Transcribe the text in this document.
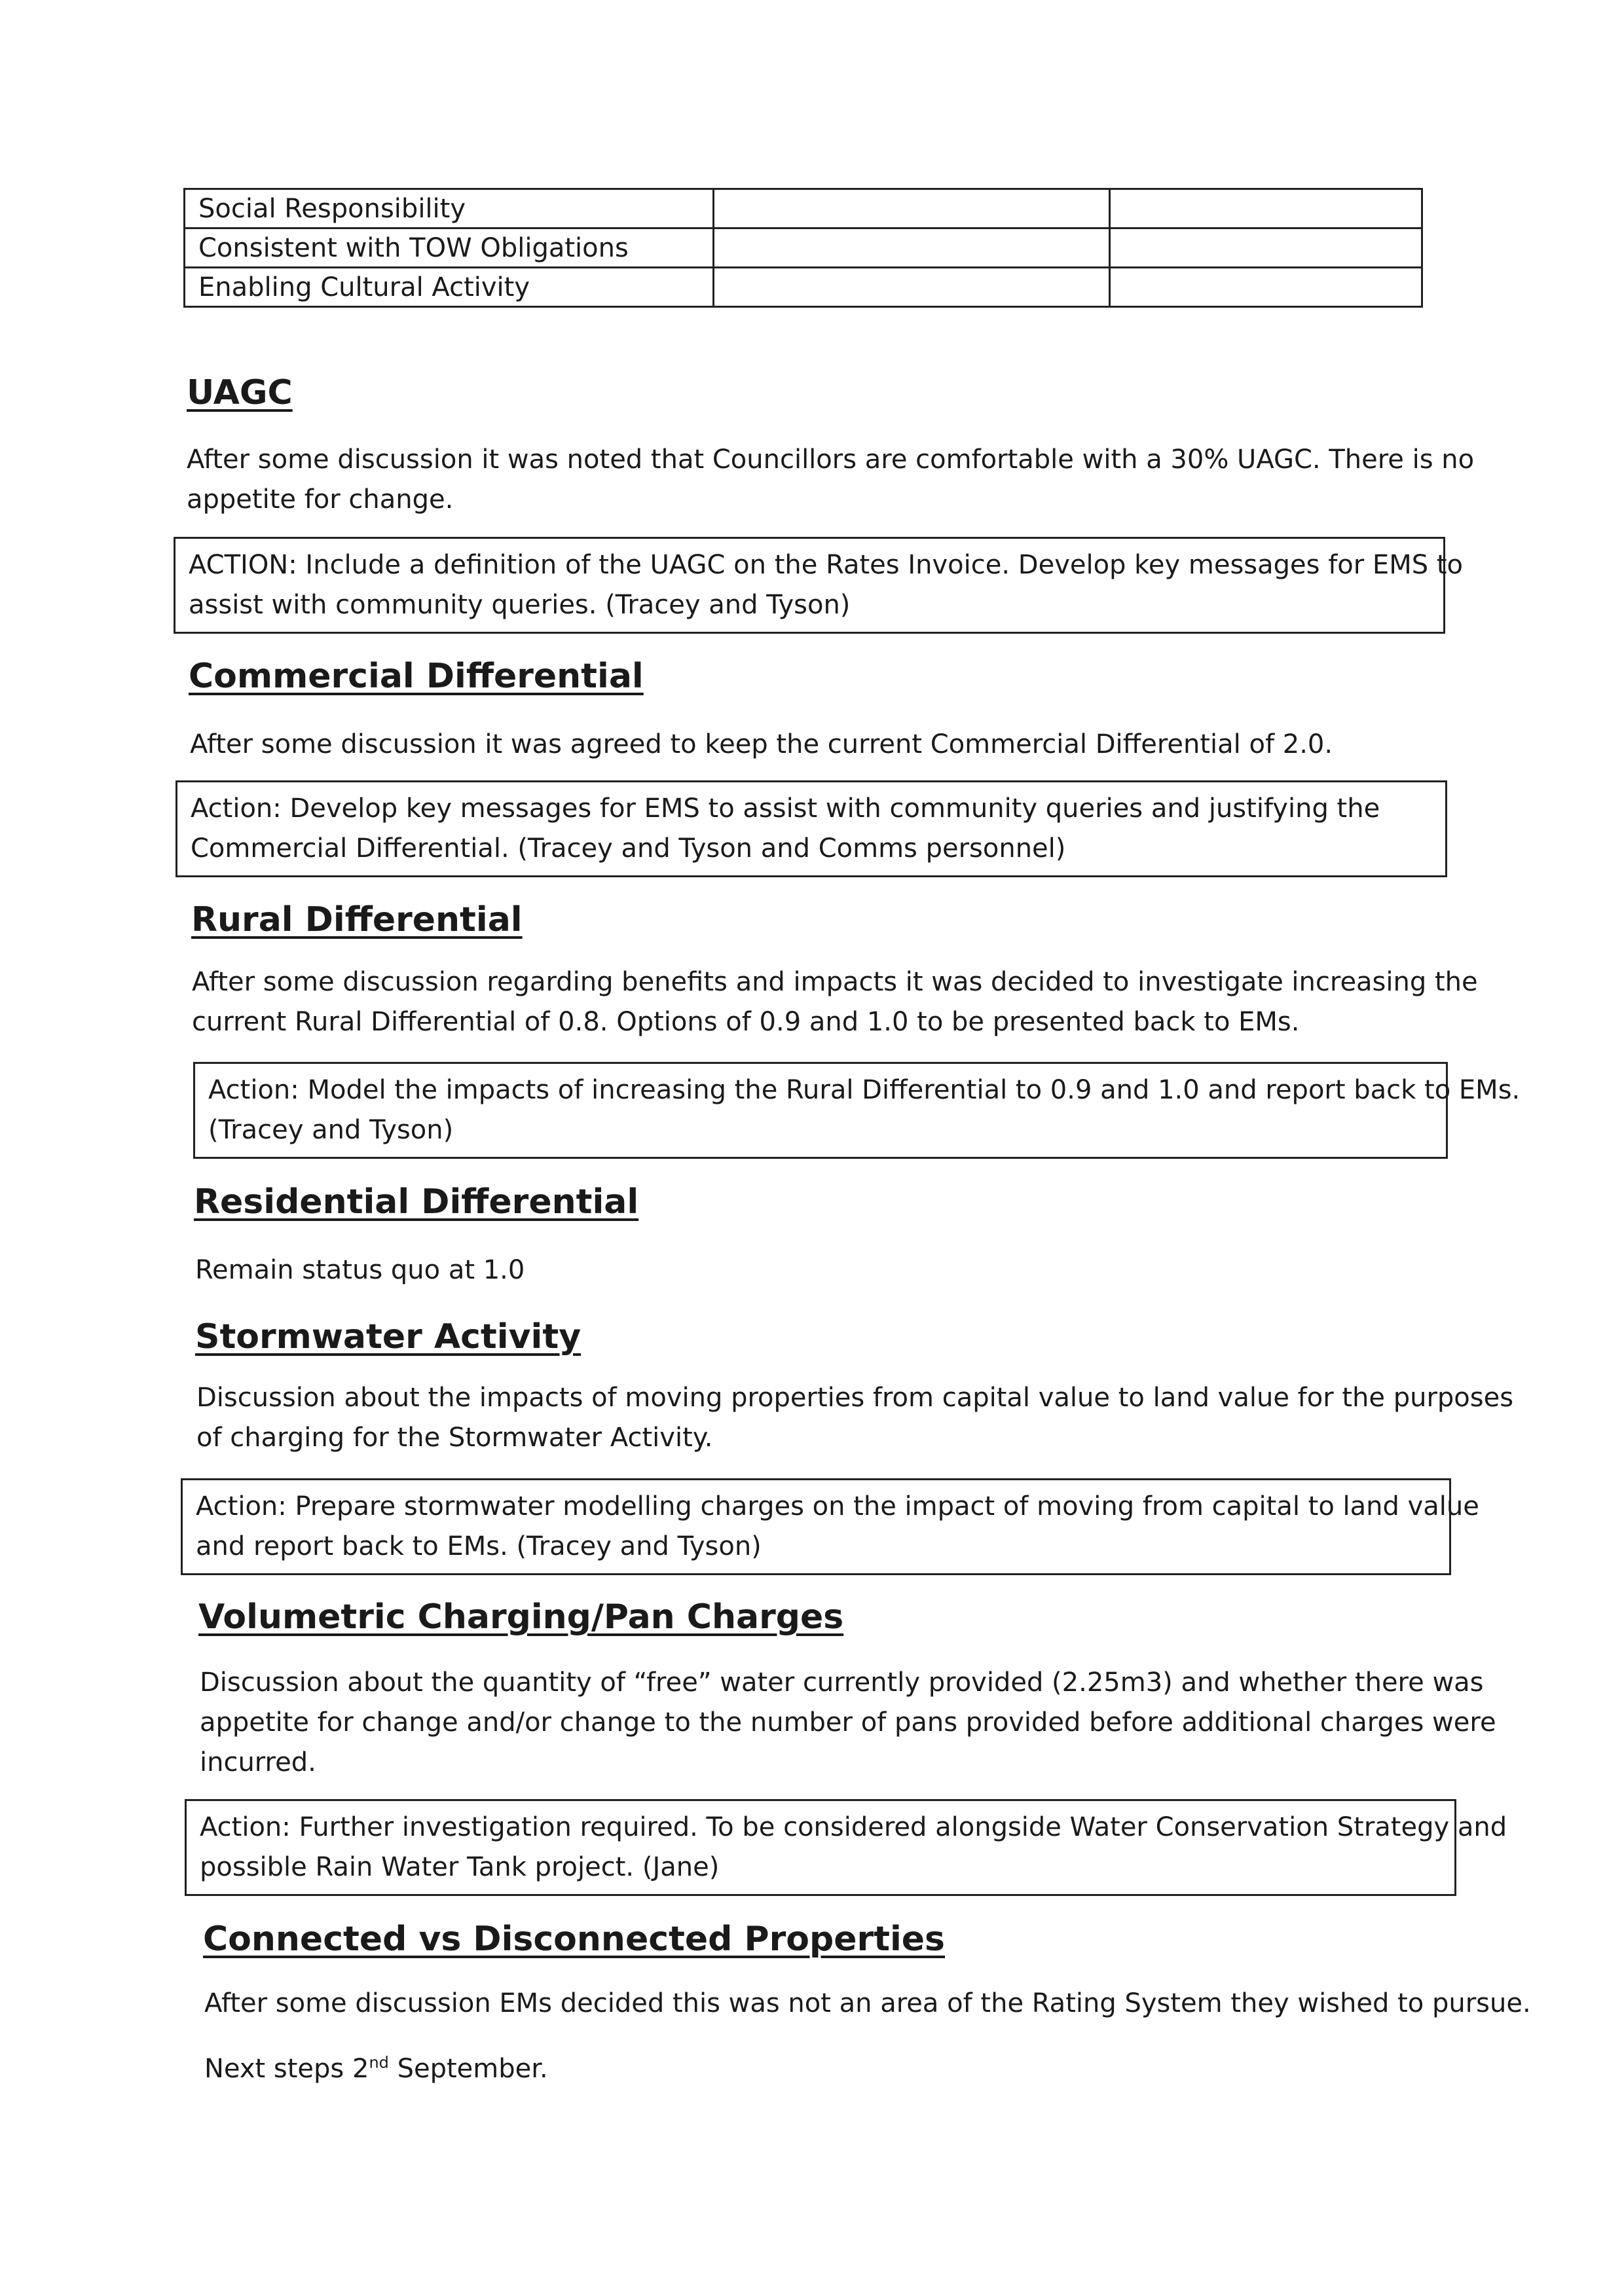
Social Responsibility		
Consistent with TOW Obligations		
Enabling Cultural Activity		
UAGC
After some discussion it was noted that Councillors are comfortable with a 30% UAGC. There is no
appetite for change.
ACTION: Include a definition of the UAGC on the Rates Invoice. Develop key messages for EMS to
assist with community queries. (Tracey and Tyson)
Commercial Differential
After some discussion it was agreed to keep the current Commercial Differential of 2.0.
Action: Develop key messages for EMS to assist with community queries and justifying the
Commercial Differential. (Tracey and Tyson and Comms personnel)
Rural Differential
After some discussion regarding benefits and impacts it was decided to investigate increasing the
current Rural Differential of 0.8. Options of 0.9 and 1.0 to be presented back to EMs.
Action: Model the impacts of increasing the Rural Differential to 0.9 and 1.0 and report back to EMs.
(Tracey and Tyson)
Residential Differential
Remain status quo at 1.0
Stormwater Activity
Discussion about the impacts of moving properties from capital value to land value for the purposes
of charging for the Stormwater Activity.
Action: Prepare stormwater modelling charges on the impact of moving from capital to land value
and report back to EMs. (Tracey and Tyson)
Volumetric Charging/Pan Charges
Discussion about the quantity of “free” water currently provided (2.25m3) and whether there was
appetite for change and/or change to the number of pans provided before additional charges were
incurred.
Action: Further investigation required. To be considered alongside Water Conservation Strategy and
possible Rain Water Tank project. (Jane)
Connected vs Disconnected Properties
After some discussion EMs decided this was not an area of the Rating System they wished to pursue.
Next steps 2nd September.
